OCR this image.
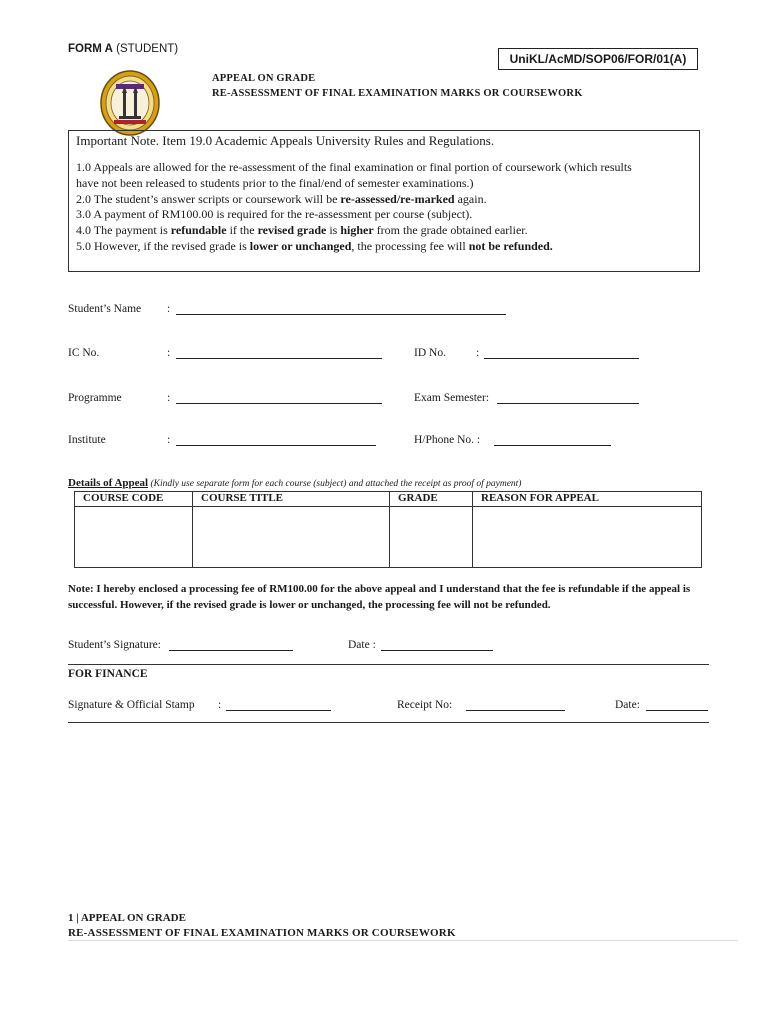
FORM A (STUDENT)
UniKL/AcMD/SOP06/FOR/01(A)
APPEAL ON GRADE
RE-ASSESSMENT OF FINAL EXAMINATION MARKS OR COURSEWORK
Important Note. Item 19.0 Academic Appeals University Rules and Regulations.
1.0 Appeals are allowed for the re-assessment of the final examination or final portion of coursework (which results
have not been released to students prior to the final/end of semester examinations.)
2.0 The student’s answer scripts or coursework will be re-assessed/re-marked again.
3.0 A payment of RM100.00 is required for the re-assessment per course (subject).
4.0 The payment is refundable if the revised grade is higher from the grade obtained earlier.
5.0 However, if the revised grade is lower or unchanged, the processing fee will not be refunded.
Student’s Name :
IC No.	:	ID No.	:
Programme	:	Exam Semester:
Institute	:	H/Phone No. :
Details of Appeal (Kindly use separate form for each course (subject) and attached the receipt as proof of payment)
COURSE CODE	COURSE TITLE	GRADE	REASON FOR APPEAL

Note: I hereby enclosed a processing fee of RM100.00 for the above appeal and I understand that the fee is refundable if the appeal is successful. However, if the revised grade is lower or unchanged, the processing fee will not be refunded.
Student’s Signature:	Date :
FOR FINANCE
Signature & Official Stamp :	Receipt No:	Date:
1 | APPEAL ON GRADE
RE-ASSESSMENT OF FINAL EXAMINATION MARKS OR COURSEWORK
